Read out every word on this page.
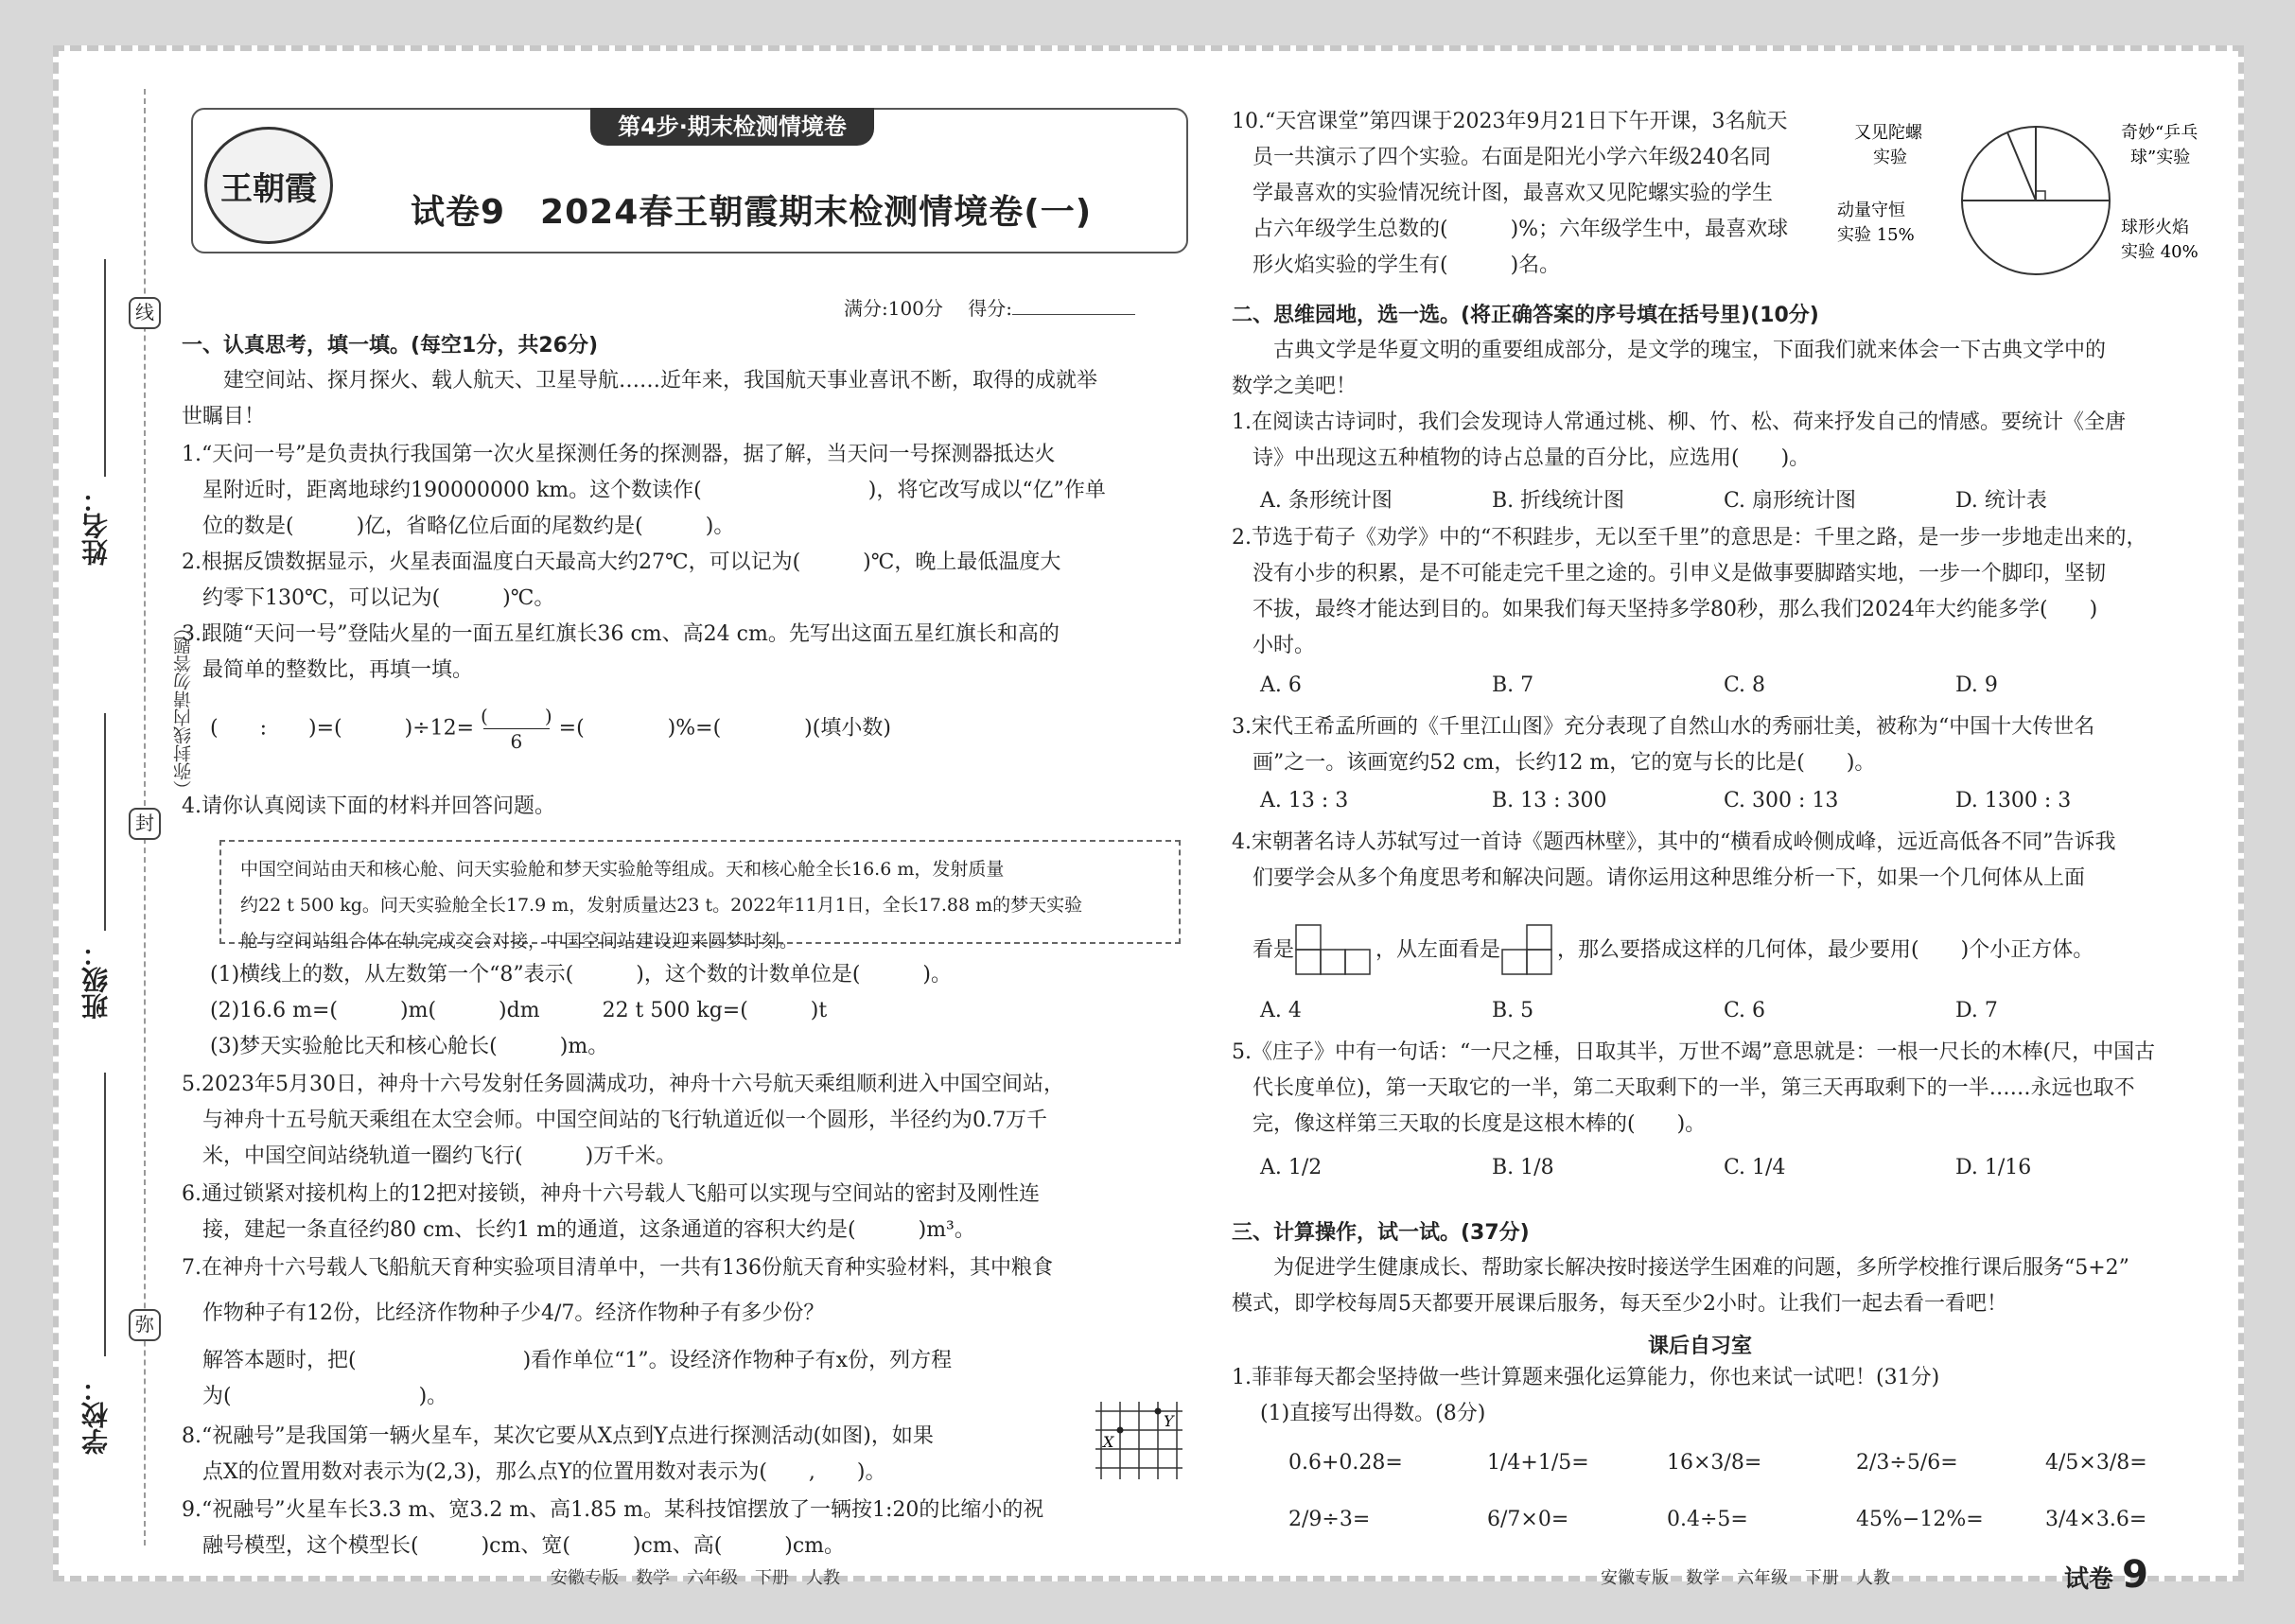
线
封
弥
姓名：
班级：
学校：
（弥封线内请勿答题）
王朝霞
第4步·期末检测情境卷
试卷9　2024春王朝霞期末检测情境卷(一)
满分:100分　 得分:
一、认真思考，填一填。(每空1分，共26分)
　　建空间站、探月探火、载人航天、卫星导航……近年来，我国航天事业喜讯不断，取得的成就举
世瞩目！
1.“天问一号”是负责执行我国第一次火星探测任务的探测器，据了解，当天问一号探测器抵达火
　星附近时，距离地球约190000000 km。这个数读作(　　　　　　　　)，将它改写成以“亿”作单
　位的数是(　　　)亿，省略亿位后面的尾数约是(　　　)。
2.根据反馈数据显示，火星表面温度白天最高大约27℃，可以记为(　　　)℃，晚上最低温度大
　约零下130℃，可以记为(　　　)℃。
3.跟随“天问一号”登陆火星的一面五星红旗长36 cm、高24 cm。先写出这面五星红旗长和高的
　最简单的整数比，再填一填。
(　　:　　)=(　　　)÷12= (　　　)
6 =(　　　　)%=(　　　　)(填小数)
4.请你认真阅读下面的材料并回答问题。
中国空间站由天和核心舱、问天实验舱和梦天实验舱等组成。天和核心舱全长16.6 m，发射质量
约22 t 500 kg。问天实验舱全长17.9 m，发射质量达23 t。2022年11月1日，全长17.88 m的梦天实验
舱与空间站组合体在轨完成交会对接，中国空间站建设迎来圆梦时刻。
(1)横线上的数，从左数第一个“8”表示(　　　)，这个数的计数单位是(　　　)。
(2)16.6 m=(　　　)m(　　　)dm　　　22 t 500 kg=(　　　)t
(3)梦天实验舱比天和核心舱长(　　　)m。
5.2023年5月30日，神舟十六号发射任务圆满成功，神舟十六号航天乘组顺利进入中国空间站，
　与神舟十五号航天乘组在太空会师。中国空间站的飞行轨道近似一个圆形，半径约为0.7万千
　米，中国空间站绕轨道一圈约飞行(　　　)万千米。
6.通过锁紧对接机构上的12把对接锁，神舟十六号载人飞船可以实现与空间站的密封及刚性连
　接，建起一条直径约80 cm、长约1 m的通道，这条通道的容积大约是(　　　)m³。
7.在神舟十六号载人飞船航天育种实验项目清单中，一共有136份航天育种实验材料，其中粮食
　作物种子有12份，比经济作物种子少4/7。经济作物种子有多少份？
　解答本题时，把(　　　　　　　　)看作单位“1”。设经济作物种子有x份，列方程
　为(　　　　　　　　　)。
8.“祝融号”是我国第一辆火星车，某次它要从X点到Y点进行探测活动(如图)，如果
　点X的位置用数对表示为(2,3)，那么点Y的位置用数对表示为(　　,　　)。
X
Y
9.“祝融号”火星车长3.3 m、宽3.2 m、高1.85 m。某科技馆摆放了一辆按1:20的比缩小的祝
　融号模型，这个模型长(　　　)cm、宽(　　　)cm、高(　　　)cm。
安徽专版　数学　六年级　下册　人教
10.“天宫课堂”第四课于2023年9月21日下午开课，3名航天
　员一共演示了四个实验。右面是阳光小学六年级240名同
　学最喜欢的实验情况统计图，最喜欢又见陀螺实验的学生
　占六年级学生总数的(　　　)%；六年级学生中，最喜欢球
　形火焰实验的学生有(　　　)名。
又见陀螺
实验
奇妙“乒乓
球”实验
动量守恒
实验 15%	球形火焰
实验 40%
二、思维园地，选一选。(将正确答案的序号填在括号里)(10分)
　　古典文学是华夏文明的重要组成部分，是文学的瑰宝，下面我们就来体会一下古典文学中的
数学之美吧！
1.在阅读古诗词时，我们会发现诗人常通过桃、柳、竹、松、荷来抒发自己的情感。要统计《全唐
　诗》中出现这五种植物的诗占总量的百分比，应选用(　　)。
A. 条形统计图	B. 折线统计图	C. 扇形统计图	D. 统计表
2.节选于荀子《劝学》中的“不积跬步，无以至千里”的意思是：千里之路，是一步一步地走出来的，
　没有小步的积累，是不可能走完千里之途的。引申义是做事要脚踏实地，一步一个脚印，坚韧
　不拔，最终才能达到目的。如果我们每天坚持多学80秒，那么我们2024年大约能多学(　　)
　小时。
A. 6	B. 7	C. 8	D. 9
3.宋代王希孟所画的《千里江山图》充分表现了自然山水的秀丽壮美，被称为“中国十大传世名
　画”之一。该画宽约52 cm，长约12 m，它的宽与长的比是(　　)。
A. 13 : 3	B. 13 : 300	C. 300 : 13	D. 1300 : 3
4.宋朝著名诗人苏轼写过一首诗《题西林壁》，其中的“横看成岭侧成峰，远近高低各不同”告诉我
　们要学会从多个角度思考和解决问题。请你运用这种思维分析一下，如果一个几何体从上面
　看是	，从左面看是	，那么要搭成这样的几何体，最少要用(　　)个小正方体。
A. 4	B. 5	C. 6	D. 7
5.《庄子》中有一句话：“一尺之棰，日取其半，万世不竭”意思就是：一根一尺长的木棒(尺，中国古
　代长度单位)，第一天取它的一半，第二天取剩下的一半，第三天再取剩下的一半……永远也取不
　完，像这样第三天取的长度是这根木棒的(　　)。
A. 1/2	B. 1/8	C. 1/4	D. 1/16
三、计算操作，试一试。(37分)
　　为促进学生健康成长、帮助家长解决按时接送学生困难的问题，多所学校推行课后服务“5+2”
模式，即学校每周5天都要开展课后服务，每天至少2小时。让我们一起去看一看吧！
课后自习室
1.菲菲每天都会坚持做一些计算题来强化运算能力，你也来试一试吧！(31分)
(1)直接写出得数。(8分)
0.6+0.28=	1/4+1/5=	16×3/8=	2/3÷5/6=	4/5×3/8=
2/9÷3=	6/7×0=	0.4÷5=	45%−12%=	3/4×3.6=
安徽专版　数学　六年级　下册　人教	试卷 9
